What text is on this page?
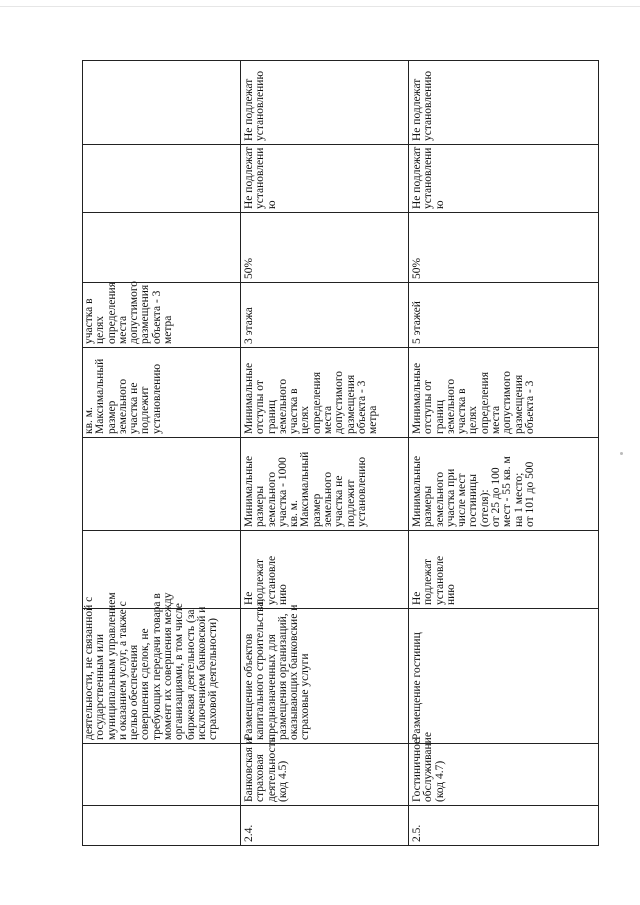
деятельности, не связанной с
государственным или
муниципальным управлением
и оказанием услуг, а также с
целью обеспечения
совершения сделок, не
требующих передачи товара в
момент их совершения между
организациями, в том числе
биржевая деятельность (за
исключением банковской и
страховой деятельности)
кв. м.
Максимальный
размер
земельного
участка не
подлежит
установлению
участка в
целях
определения
места
допустимого
размещения
объекта - 3
метра
2.4.
Банковская и
страховая
деятельность
(код 4.5)
Размещение объектов
капитального строительства,
предназначенных для
размещения организаций,
оказывающих банковские и
страховые услуги
Не
подлежат
установле
нию
Минимальные
размеры
земельного
участка - 1000
кв. м.
Максимальный
размер
земельного
участка не
подлежит
установлению
Минимальные
отступы от
границ
земельного
участка в
целях
определения
места
допустимого
размещения
объекта - 3
метра
3 этажа
50%
Не подлежат
установлени
ю
Не подлежат
установлению
2.5.
Гостиничное
обслуживание
(код 4.7)
Размещение гостиниц
Не
подлежат
установле
нию
Минимальные
размеры
земельного
участка при
числе мест
гостиницы
(отеля):
от 25 до 100
мест - 55 кв. м
на 1 место;
от 101 до 500
Минимальные
отступы от
границ
земельного
участка в
целях
определения
места
допустимого
размещения
объекта - 3
5 этажей
50%
Не подлежат
установлени
ю
Не подлежат
установлению
